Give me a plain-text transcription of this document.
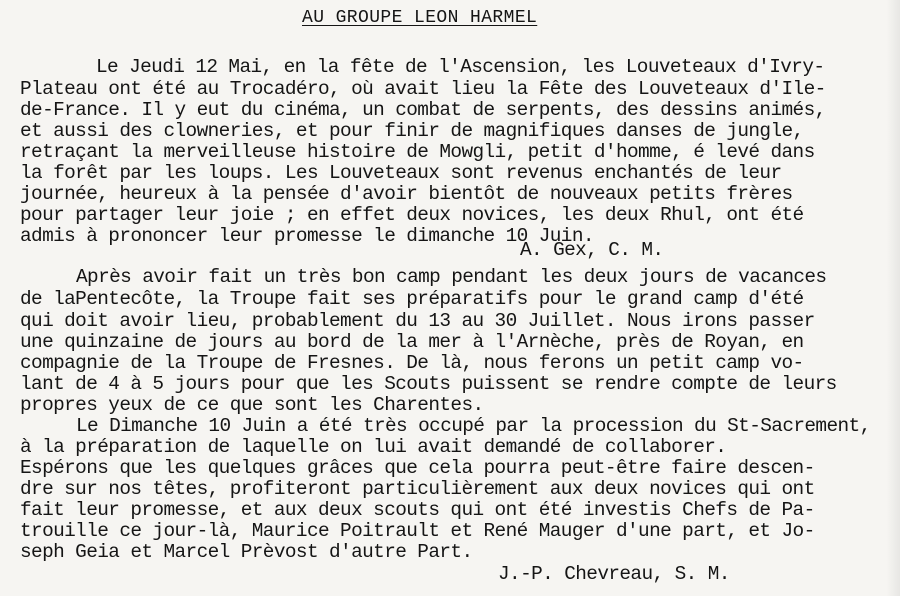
AU GROUPE LEON HARMEL
Le Jeudi 12 Mai, en la fête de l'Ascension, les Louveteaux d'Ivry-
Plateau ont été au Trocadéro, où avait lieu la Fête des Louveteaux d'Ile-
de-France. Il y eut du cinéma, un combat de serpents, des dessins animés,
et aussi des clowneries, et pour finir de magnifiques danses de jungle,
retraçant la merveilleuse histoire de Mowgli, petit d'homme, é levé dans
la forêt par les loups. Les Louveteaux sont revenus enchantés de leur
journée, heureux à la pensée d'avoir bientôt de nouveaux petits frères
pour partager leur joie ; en effet deux novices, les deux Rhul, ont été
admis à prononcer leur promesse le dimanche 10 Juin.
A. Gex, C. M.
Après avoir fait un très bon camp pendant les deux jours de vacances
de laPentecôte, la Troupe fait ses préparatifs pour le grand camp d'été
qui doit avoir lieu, probablement du 13 au 30 Juillet. Nous irons passer
une quinzaine de jours au bord de la mer à l'Arnèche, près de Royan, en
compagnie de la Troupe de Fresnes. De là, nous ferons un petit camp vo-
lant de 4 à 5 jours pour que les Scouts puissent se rendre compte de leurs
propres yeux de ce que sont les Charentes.
Le Dimanche 10 Juin a été très occupé par la procession du St-Sacrement,
à la préparation de laquelle on lui avait demandé de collaborer.
Espérons que les quelques grâces que cela pourra peut-être faire descen-
dre sur nos têtes, profiteront particulièrement aux deux novices qui ont
fait leur promesse, et aux deux scouts qui ont été investis Chefs de Pa-
trouille ce jour-là, Maurice Poitrault et René Mauger d'une part, et Jo-
seph Geia et Marcel Prèvost d'autre Part.
J.-P. Chevreau, S. M.
